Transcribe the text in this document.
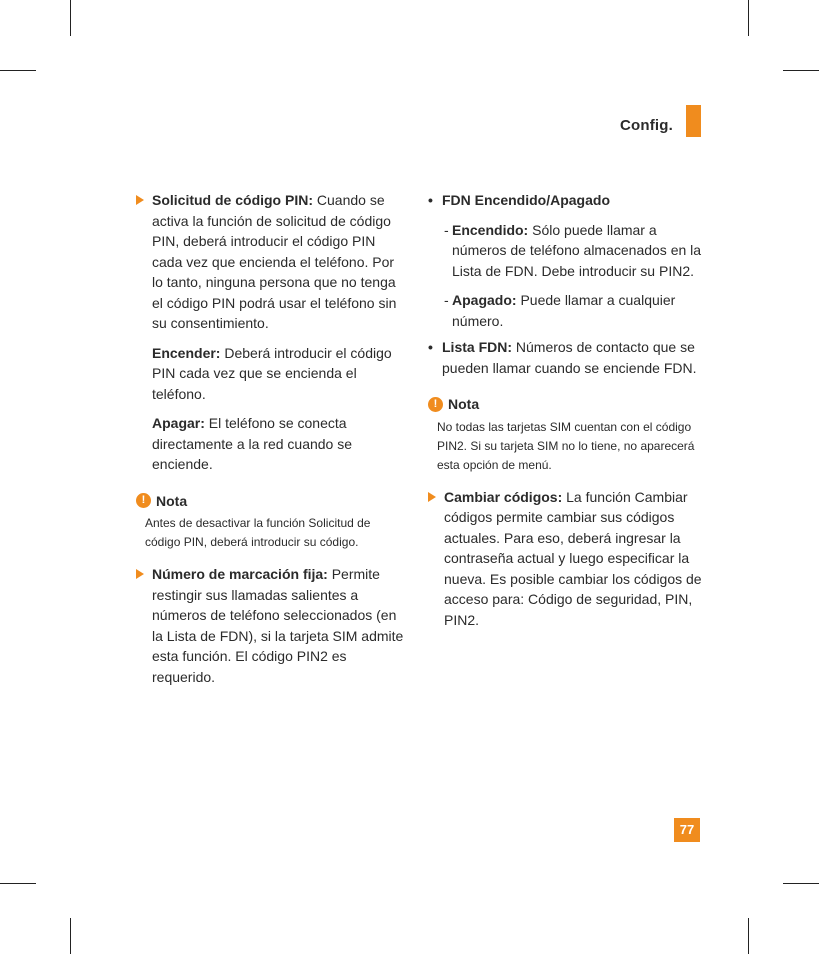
Config.

Solicitud de código PIN: Cuando se activa la función de solicitud de código PIN, deberá introducir el código PIN cada vez que encienda el teléfono. Por lo tanto, ninguna persona que no tenga el código PIN podrá usar el teléfono sin su consentimiento.

Encender: Deberá introducir el código PIN cada vez que se encienda el teléfono.

Apagar: El teléfono se conecta directamente a la red cuando se enciende.

! Nota

Antes de desactivar la función Solicitud de código PIN, deberá introducir su código.

Número de marcación fija: Permite restingir sus llamadas salientes a números de teléfono seleccionados (en la Lista de FDN), si la tarjeta SIM admite esta función. El código PIN2 es requerido.

• FDN Encendido/Apagado

- Encendido: Sólo puede llamar a números de teléfono almacenados en la Lista de FDN. Debe introducir su PIN2.

- Apagado: Puede llamar a cualquier número.

• Lista FDN: Números de contacto que se pueden llamar cuando se enciende FDN.

! Nota

No todas las tarjetas SIM cuentan con el código PIN2. Si su tarjeta SIM no lo tiene, no aparecerá esta opción de menú.

Cambiar códigos: La función Cambiar códigos permite cambiar sus códigos actuales. Para eso, deberá ingresar la contraseña actual y luego especificar la nueva. Es posible cambiar los códigos de acceso para: Código de seguridad, PIN, PIN2.

77
